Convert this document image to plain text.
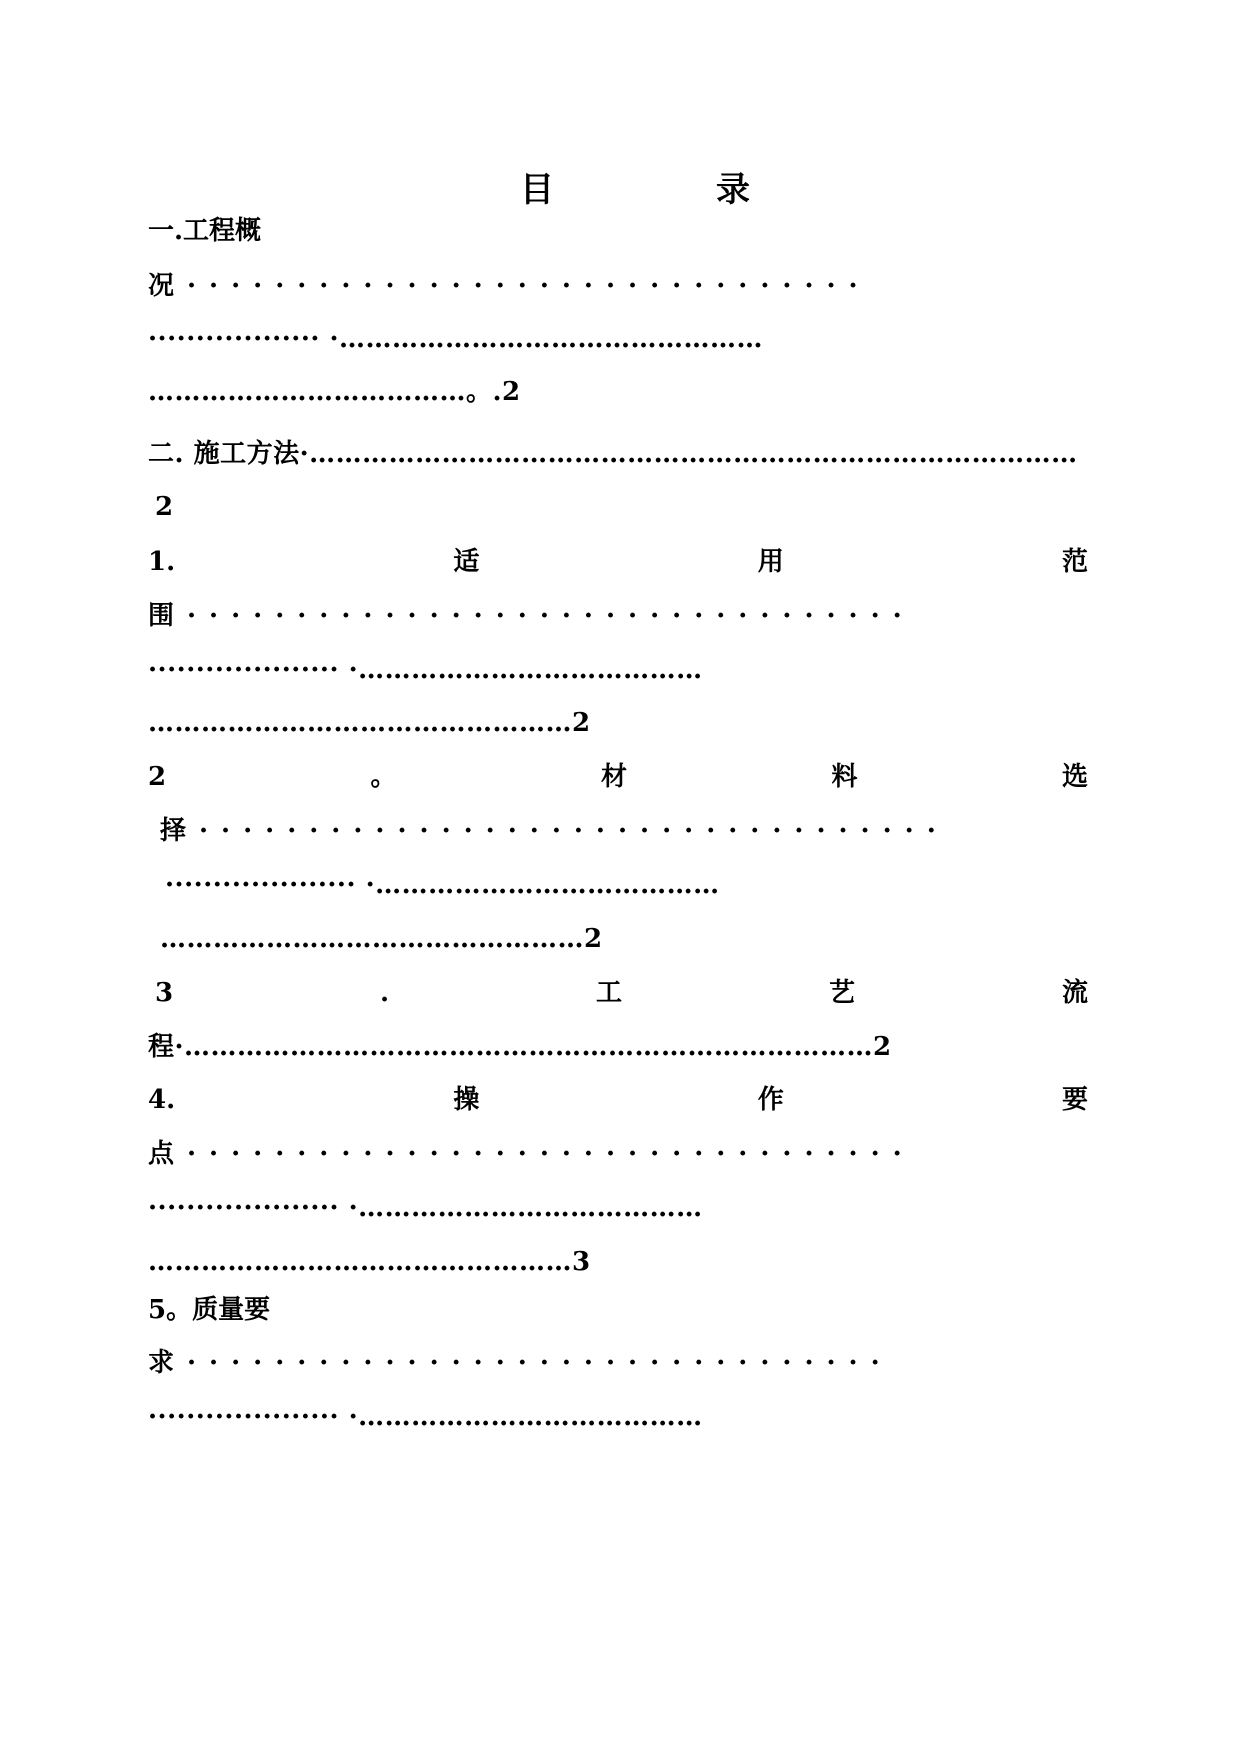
目	录
一.工程概
况·······························
·················· ·…………………………………………
………………………………。.2
二. 施工方法·……………………………………………………………………………
2
1.	适	用	范
围·································
···················· ·…………………………………
…………………………………………2
2	。	材	料	选
择··································
···················· ·…………………………………
…………………………………………2
3	.	工	艺	流
程·……………………………………………………………………2
4.	操	作	要
点·································
···················· ·…………………………………
…………………………………………3
5。质量要
求································
···················· ·…………………………………
